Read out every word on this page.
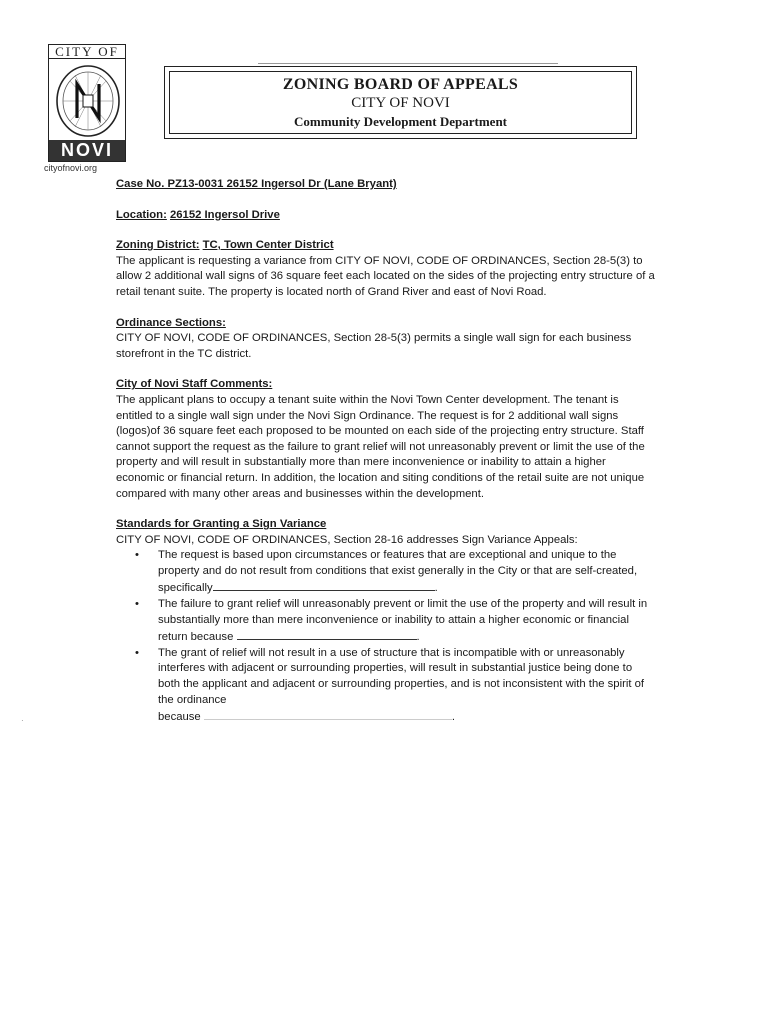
CITY OF
NOVI
cityofnovi.org
ZONING BOARD OF APPEALS
CITY OF NOVI
Community Development Department

Case No. PZ13-0031 26152 Ingersol Dr (Lane Bryant)

Location: 26152 Ingersol Drive

Zoning District: TC, Town Center District

The applicant is requesting a variance from CITY OF NOVI, CODE OF ORDINANCES, Section 28-5(3) to allow 2 additional wall signs of 36 square feet each located on the sides of the projecting entry structure of a retail tenant suite. The property is located north of Grand River and east of Novi Road.

Ordinance Sections:

CITY OF NOVI, CODE OF ORDINANCES, Section 28-5(3) permits a single wall sign for each business storefront in the TC district.

City of Novi Staff Comments:

The applicant plans to occupy a tenant suite within the Novi Town Center development. The tenant is entitled to a single wall sign under the Novi Sign Ordinance. The request is for 2 additional wall signs (logos)of 36 square feet each proposed to be mounted on each side of the projecting entry structure. Staff cannot support the request as the failure to grant relief will not unreasonably prevent or limit the use of the property and will result in substantially more than mere inconvenience or inability to attain a higher economic or financial return. In addition, the location and siting conditions of the retail suite are not unique compared with many other areas and businesses within the development.

Standards for Granting a Sign Variance

CITY OF NOVI, CODE OF ORDINANCES, Section 28-16 addresses Sign Variance Appeals:

• The request is based upon circumstances or features that are exceptional and unique to the property and do not result from conditions that exist generally in the City or that are self-created, specifically	.
• The failure to grant relief will unreasonably prevent or limit the use of the property and will result in substantially more than mere inconvenience or inability to attain a higher economic or financial return because	.
• The grant of relief will not result in a use of structure that is incompatible with or unreasonably interferes with adjacent or surrounding properties, will result in substantial justice being done to both the applicant and adjacent or surrounding properties, and is not inconsistent with the spirit of the ordinance
because	.
·
